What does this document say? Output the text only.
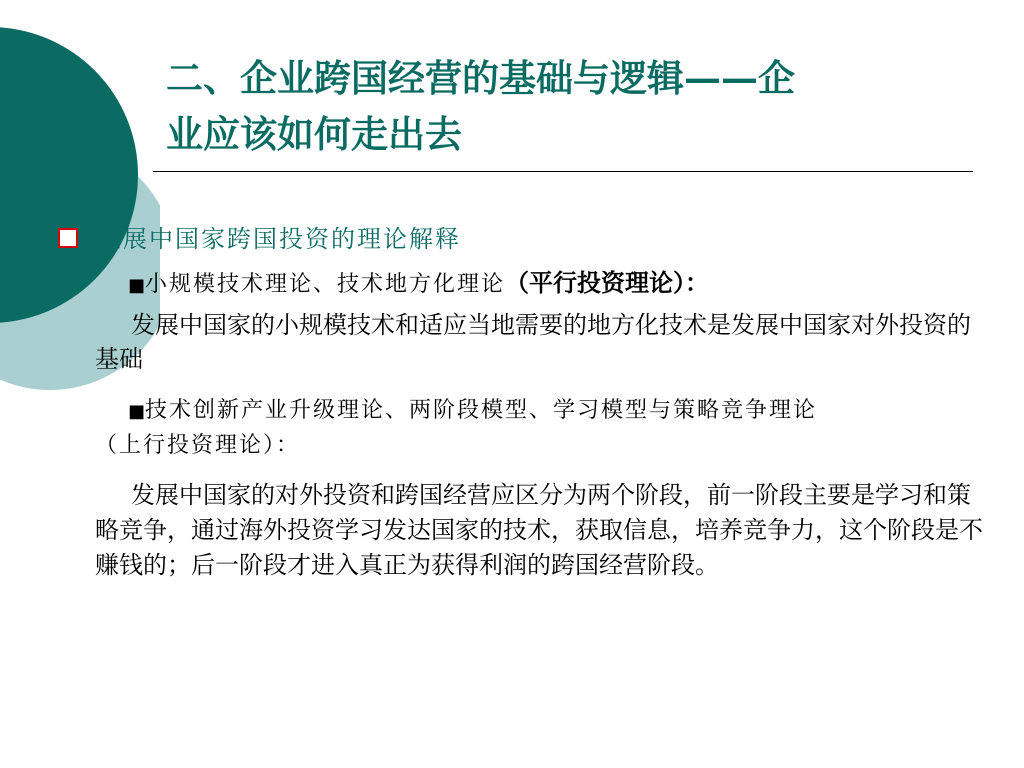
二、企业跨国经营的基础与逻辑——企
业应该如何走出去
发展中国家跨国投资的理论解释
■小规模技术理论、技术地方化理论（平行投资理论）：
发展中国家的小规模技术和适应当地需要的地方化技术是发展中国家对外投资的基础
■技术创新产业升级理论、两阶段模型、学习模型与策略竞争理论
（上行投资理论）：
发展中国家的对外投资和跨国经营应区分为两个阶段，前一阶段主要是学习和策略竞争，通过海外投资学习发达国家的技术，获取信息，培养竞争力，这个阶段是不赚钱的；后一阶段才进入真正为获得利润的跨国经营阶段。
